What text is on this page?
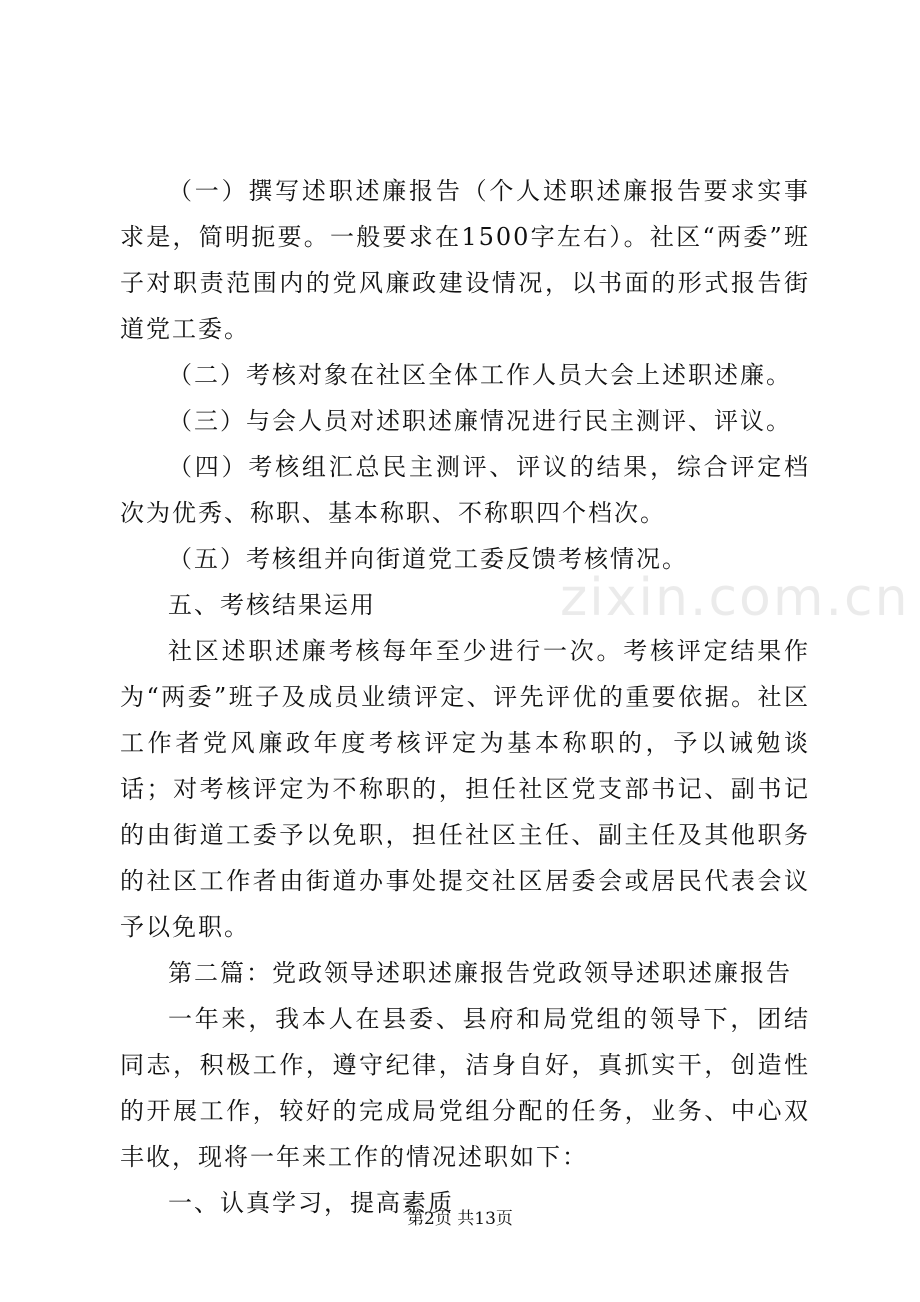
（一）撰写述职述廉报告（个人述职述廉报告要求实事求是，简明扼要。一般要求在1500字左右）。社区“两委”班子对职责范围内的党风廉政建设情况，以书面的形式报告街道党工委。

（二）考核对象在社区全体工作人员大会上述职述廉。

（三）与会人员对述职述廉情况进行民主测评、评议。

（四）考核组汇总民主测评、评议的结果，综合评定档次为优秀、称职、基本称职、不称职四个档次。

（五）考核组并向街道党工委反馈考核情况。

五、考核结果运用

社区述职述廉考核每年至少进行一次。考核评定结果作为“两委”班子及成员业绩评定、评先评优的重要依据。社区工作者党风廉政年度考核评定为基本称职的，予以诫勉谈话；对考核评定为不称职的，担任社区党支部书记、副书记的由街道工委予以免职，担任社区主任、副主任及其他职务的社区工作者由街道办事处提交社区居委会或居民代表会议予以免职。

第二篇：党政领导述职述廉报告党政领导述职述廉报告

一年来，我本人在县委、县府和局党组的领导下，团结同志，积极工作，遵守纪律，洁身自好，真抓实干，创造性的开展工作，较好的完成局党组分配的任务，业务、中心双丰收，现将一年来工作的情况述职如下：

一、认真学习，提高素质

zixin.com.cn
第2页 共13页
